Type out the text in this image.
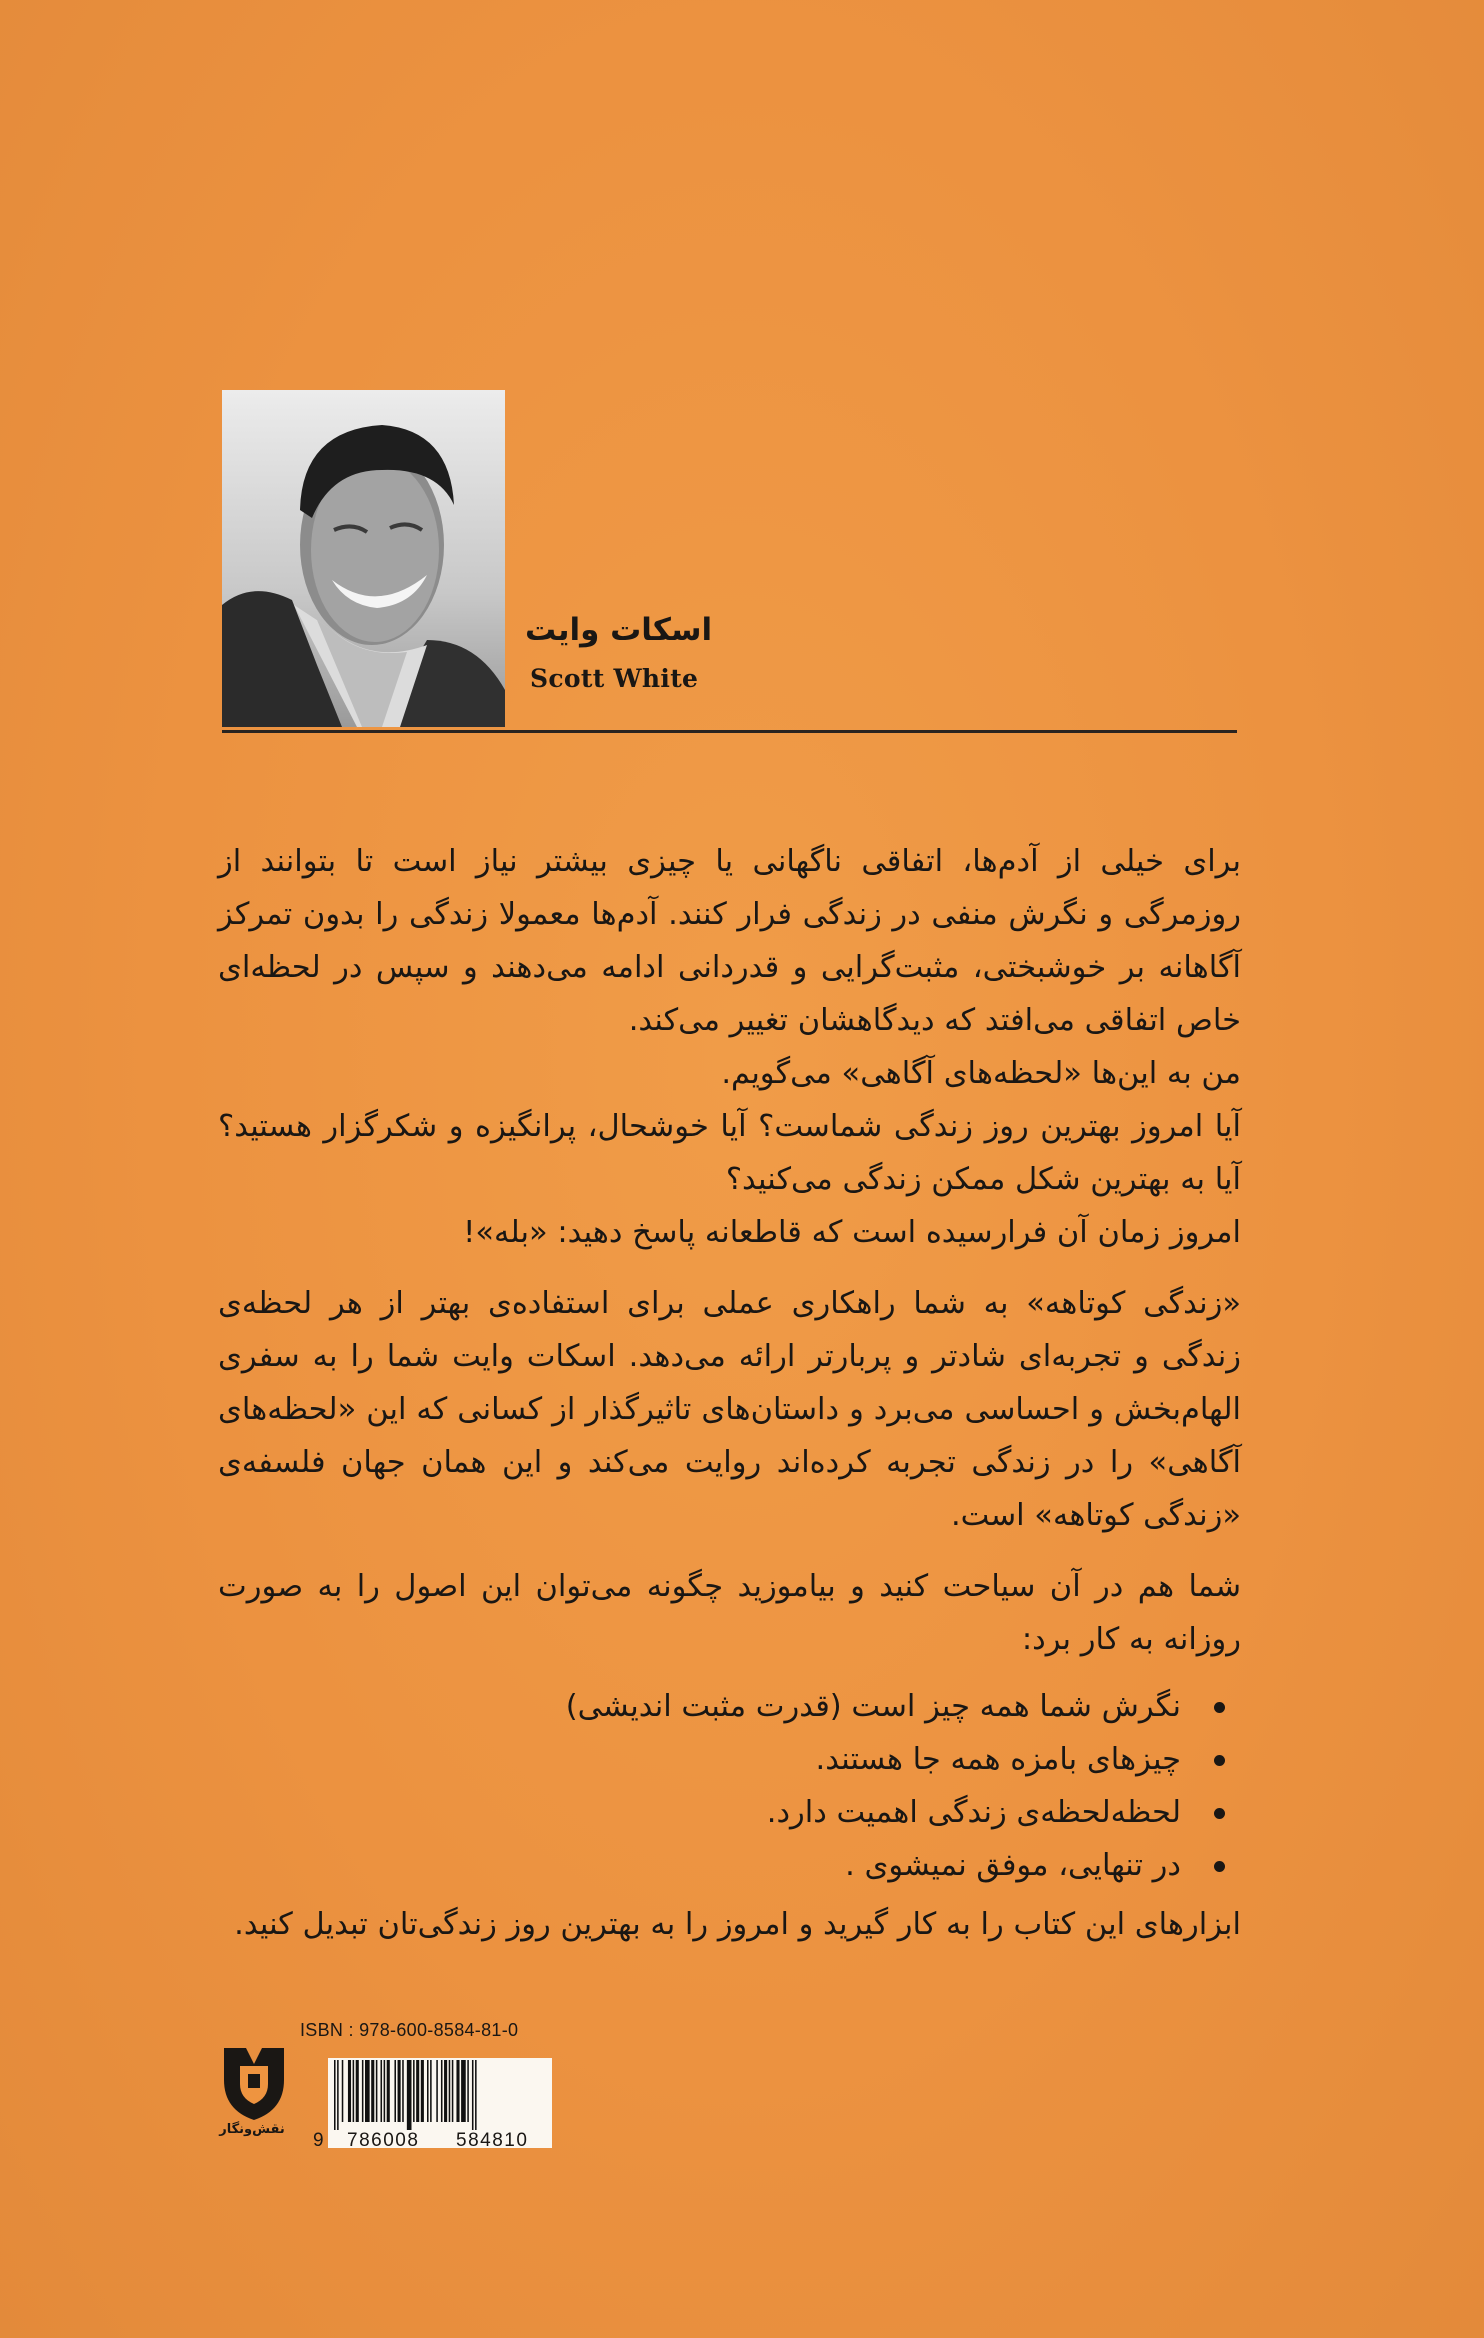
اسکات وایت
Scott White

برای خیلی از آدم‌ها، اتفاقی ناگهانی یا چیزی بیشتر نیاز است تا بتوانند از روزمرگی و نگرش منفی در زندگی فرار کنند. آدم‌ها معمولا زندگی را بدون تمرکز آگاهانه بر خوشبختی، مثبت‌گرایی و قدردانی ادامه می‌دهند و سپس در لحظه‌ای خاص اتفاقی می‌افتد که دیدگاهشان تغییر می‌کند.

من به این‌ها «لحظه‌های آگاهی» می‌گویم.

آیا امروز بهترین روز زندگی شماست؟ آیا خوشحال، پرانگیزه و شکرگزار هستید؟ آیا به بهترین شکل ممکن زندگی می‌کنید؟

امروز زمان آن فرارسیده است که قاطعانه پاسخ دهید: «بله»!

«زندگی کوتاهه» به شما راهکاری عملی برای استفاده‌ی بهتر از هر لحظه‌ی زندگی و تجربه‌ای شادتر و پربارتر ارائه می‌دهد. اسکات وایت شما را به سفری الهام‌بخش و احساسی می‌برد و داستان‌های تاثیرگذار از کسانی که این «لحظه‌های آگاهی» را در زندگی تجربه کرده‌اند روایت می‌کند و این همان جهان فلسفه‌ی «زندگی کوتاهه» است.

شما هم در آن سیاحت کنید و بیاموزید چگونه می‌توان این اصول را به صورت روزانه به کار برد:

نگرش شما همه چیز است (قدرت مثبت اندیشی)
چیزهای بامزه همه جا هستند.
لحظه‌لحظه‌ی زندگی اهمیت دارد.
در تنهایی، موفق نمیشوی .

ابزارهای این کتاب را به کار گیرید و امروز را به بهترین روز زندگی‌تان تبدیل کنید.

ISBN : 978-600-8584-81-0
9 786008 584810
نقش‌ونگار
